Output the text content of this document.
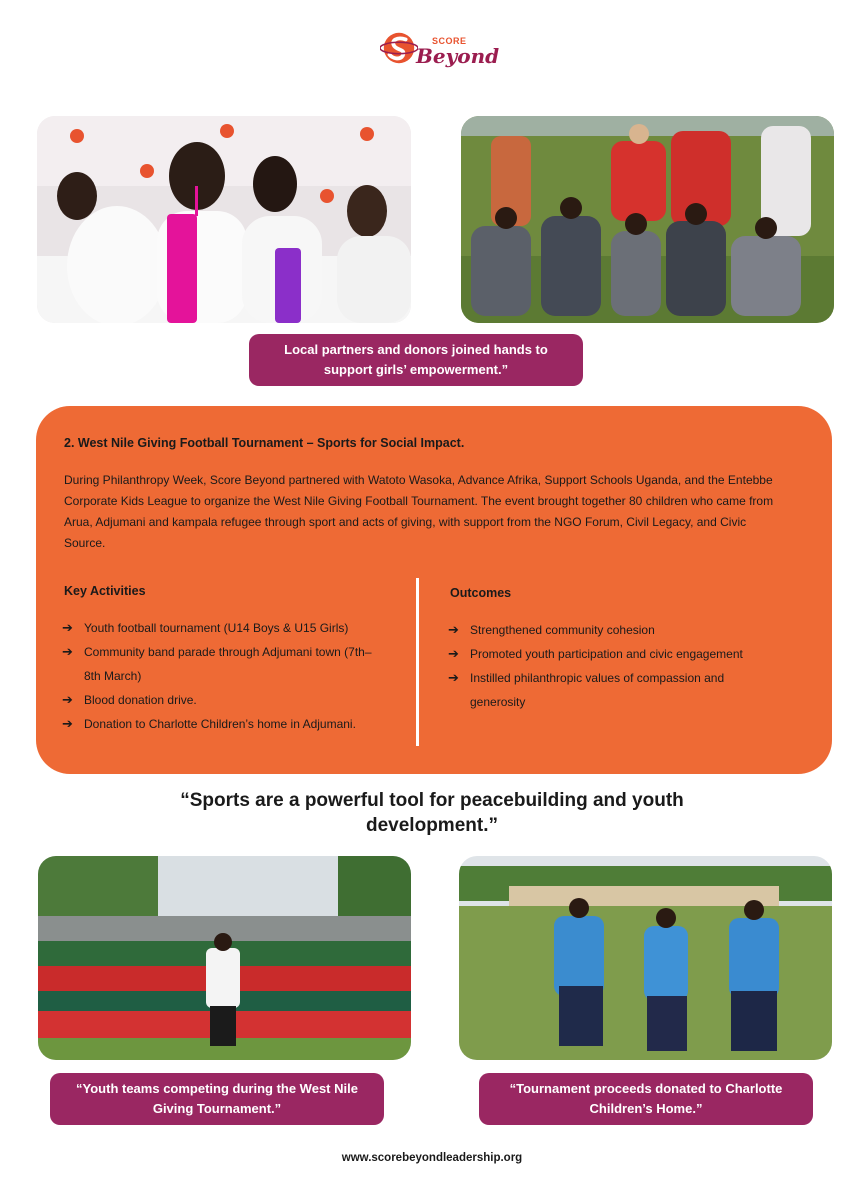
SCORE
Beyond
Local partners and donors joined hands to support girls’ empowerment.”
2. West Nile Giving Football Tournament – Sports for Social Impact.

During Philanthropy Week, Score Beyond partnered with Watoto Wasoka, Advance Afrika, Support Schools Uganda, and the Entebbe Corporate Kids League to organize the West Nile Giving Football Tournament. The event brought together 80 children who came from Arua, Adjumani and kampala refugee through sport and acts of giving, with support from the NGO Forum, Civil Legacy, and Civic Source.

Key Activities
➔ Youth football tournament (U14 Boys & U15 Girls)
➔ Community band parade through Adjumani town (7th–8th March)
➔ Blood donation drive.
➔ Donation to Charlotte Children’s home in Adjumani.
Outcomes
➔ Strengthened community cohesion
➔ Promoted youth participation and civic engagement
➔ Instilled philanthropic values of compassion and generosity
“Sports are a powerful tool for peacebuilding and youth development.”
“Youth teams competing during the West Nile Giving Tournament.”
“Tournament proceeds donated to Charlotte Children’s Home.”
www.scorebeyondleadership.org
